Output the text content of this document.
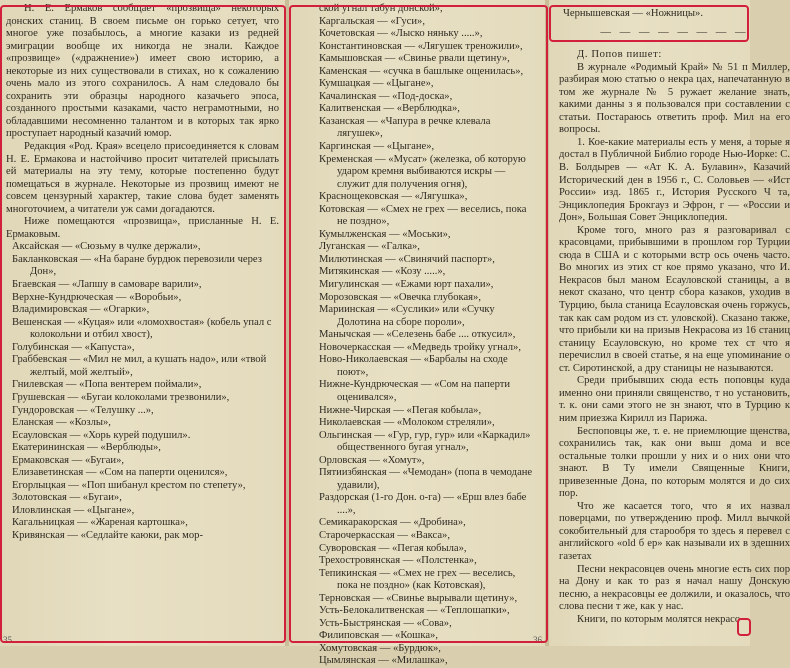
Н. Е. Ермаков сообщает «прозвища» некоторых донских станиц. В своем письме он горько сетует, что многое уже позабылось, а многие казаки из редней эмиграции вообще их никогда не знали. Каждое «прозвище» («дражнение») имеет свою историю, а некоторые из них существовали в стихах, но к сожалению очень мало из этого сохранилось. А нам следовало бы сохранить эти образцы народного казачьего эпоса, созданного простыми казаками, часто неграмотными, но обладавшими несомненно талантом и в которых так ярко проступает народный казачий юмор.

Редакция «Род. Края» всецело присоединяется к словам Н. Е. Ермакова и настойчиво просит читателей присылать ей материалы на эту тему, которые постепенно будут помещаться в журнале. Некоторые из прозвищ имеют не совсем цензурный характер, такие слова будет заменять многоточием, а читатели уж сами догадаются.

Ниже помещаются «прозвища», присланные Н. Е. Ермаковым.

Аксайская — «Сюзьму в чулке держали»,

Бакланковская — «На баране бурдюк перевозили через Дон»,

Бгаевская — «Лапшу в самоваре варили»,

Верхне-Кундрюческая — «Воробьи»,

Владимировская — «Огарки»,

Вешенская — «Куцая» или «ломохвостая» (кобель упал с колокольни и отбил хвост),

Голубинская — «Капуста»,

Граббевская — «Мил не мил, а кушать надо», или «твой желтый, мой желтый»,

Гнилевская — «Попа вентерем поймали»,

Грушевская — «Бугаи колоколами трезвонили»,

Гундоровская — «Телушку ...»,

Еланская — «Козлы»,

Есауловская — «Хорь курей подушил».

Екатерининская — «Верблюды»,

Ермаковская — «Бугаи»,

Елизаветинская — «Сом на паперти оценился»,

Егорлыцкая — «Поп шибанул крестом по степету»,

Золотовская — «Бугаи»,

Иловлинская — «Цыгане»,

Кагальницкая — «Жареная картошка»,

Кривянская — «Седлайте каюки, рак мор-

35

ской угнал табун донской»,

Каргальская — «Гуси»,

Кочетовская — «Лыско няньку .....»,

Константиновская — «Лягушек треножили»,

Камышовская — «Свинье рвали щетину»,

Каменская — «сучка в башлыке ощенилась»,

Кумшацкая — «Цыгане»,

Качалинская — «Под-доска»,

Калитвенская — «Верблюдка»,

Казанская — «Чапура в речке клевала лягушек»,

Каргинская — «Цыгане»,

Кременская — «Мусат» (железка, об которую ударом кремня выбиваются искры — служит для получения огня),

Краснощековская — «Лягушка»,

Котовская — «Смех не грех — веселись, пока не поздно»,

Кумылженская — «Моськи»,

Луганская — «Галка»,

Милютинская — «Свинячий паспорт»,

Митякинская — «Козу .....»,

Мигулинская — «Ежами юрт пахали»,

Морозовская — «Овечка глубокая»,

Мариинская — «Суслики» или «Сучку Долотина на сборе пороли»,

Манычская — «Селезень бабе .... откусил»,

Новочеркасская — «Медведь тройку угнал»,

Ново-Николаевская — «Барбалы на сходе поют»,

Нижне-Кундрючеcкая — «Сом на паперти оценивался»,

Нижне-Чирская — «Пегая кобыла»,

Николаевская — «Молоком стреляли»,

Ольгинская — «Гур, гур, гур» или «Каркадил» общественного бугая угнал»,

Орловская — «Хомут»,

Пятиизбянская — «Чемодан» (попа в чемодане удавили),

Раздорская (1-го Дон. о-га) — «Ерш влез бабе ....»,

Семикаракорская — «Дробина»,

Старочеркасская — «Вакса»,

Суворовская — «Пегая кобыла»,

Трехостровянская — «Полстенка»,

Тепикинская — «Смех не грех — веселись, пока не поздно» (как Котовская),

Терновская — «Свинье вырывали щетину»,

Усть-Белокалитвенская — «Теплошапки»,

Усть-Быстрянская — «Сова»,

Филиповская — «Кошка»,

Хомутовская — «Бурдюк»,

Цымлянская — «Милашка»,

36

Чернышевская — «Ножницы».

— — — — — — — —

Д. Попов пишет:

В журнале «Родимый Край» № 51 п Миллер, разбирая мою статью о некра цах, напечатанную в том же журнале № 5 ружает желание знать, какими данны з я пользовался при составлении с статьи. Постараюсь ответить проф. Мил на его вопросы.

1. Кое-какие материалы есть у меня, а торые я достал в Публичной Библио городе Нью-Иорке: С. В. Болдырев — «Ат К. А. Булавин», Казачий Исторический ден в 1956 г., С. Соловьев — «Ист России» изд. 1865 г., История Русского Ч та, Энциклопедия Брокгауз и Эфрон, г — «России и Дон», Большая Совет Энциклопедия.

Кроме того, много раз я разговаривал с красовцами, прибывшими в прошлом гор Турции сюда в США и с которыми встр ось очень часто. Во многих из этих ст кое прямо указано, что И. Некрасов был маном Есауловской станицы, а в некот сказано, что центр сбора казаков, уходив в Турцию, была станица Есауловская очень горжусь, так как сам родом из ст. уловской). Сказано также, что прибыли ки на призыв Некрасова из 16 станиц станицу Есауловскую, но кроме тех ст что я перечислил в своей статье, я на еще упоминание о ст. Сиротинской, а дру станицы не называются.

Среди прибывших сюда есть поповцы куда именно они приняли священство, т но установить, т. к. они сами этого не зн знают, что в Турцию к ним приезжа Кирилл из Парижа.

Беспоповцы же, т. е. не приемлющие щенства, сохранились так, как они выш дома и все остальные толки прошли у них и о них они что знают. В Ту имели Священные Книги, привезенные Дона, по которым молятся и до сих пор.

Что же касается того, что я их назвал поверцами, по утверждению проф. Милл вычкой сокобительный для старообря то здесь я перевел с английского «old б ер» как называли их в здешних газетах

Песни некрасовцев очень многие есть сих пор на Дону и как то раз я начал нашу Донскую песню, а некрасовцы ее должили, и оказалось, что слова песни т же, как у нас.

Книги, по которым молятся некрасо
